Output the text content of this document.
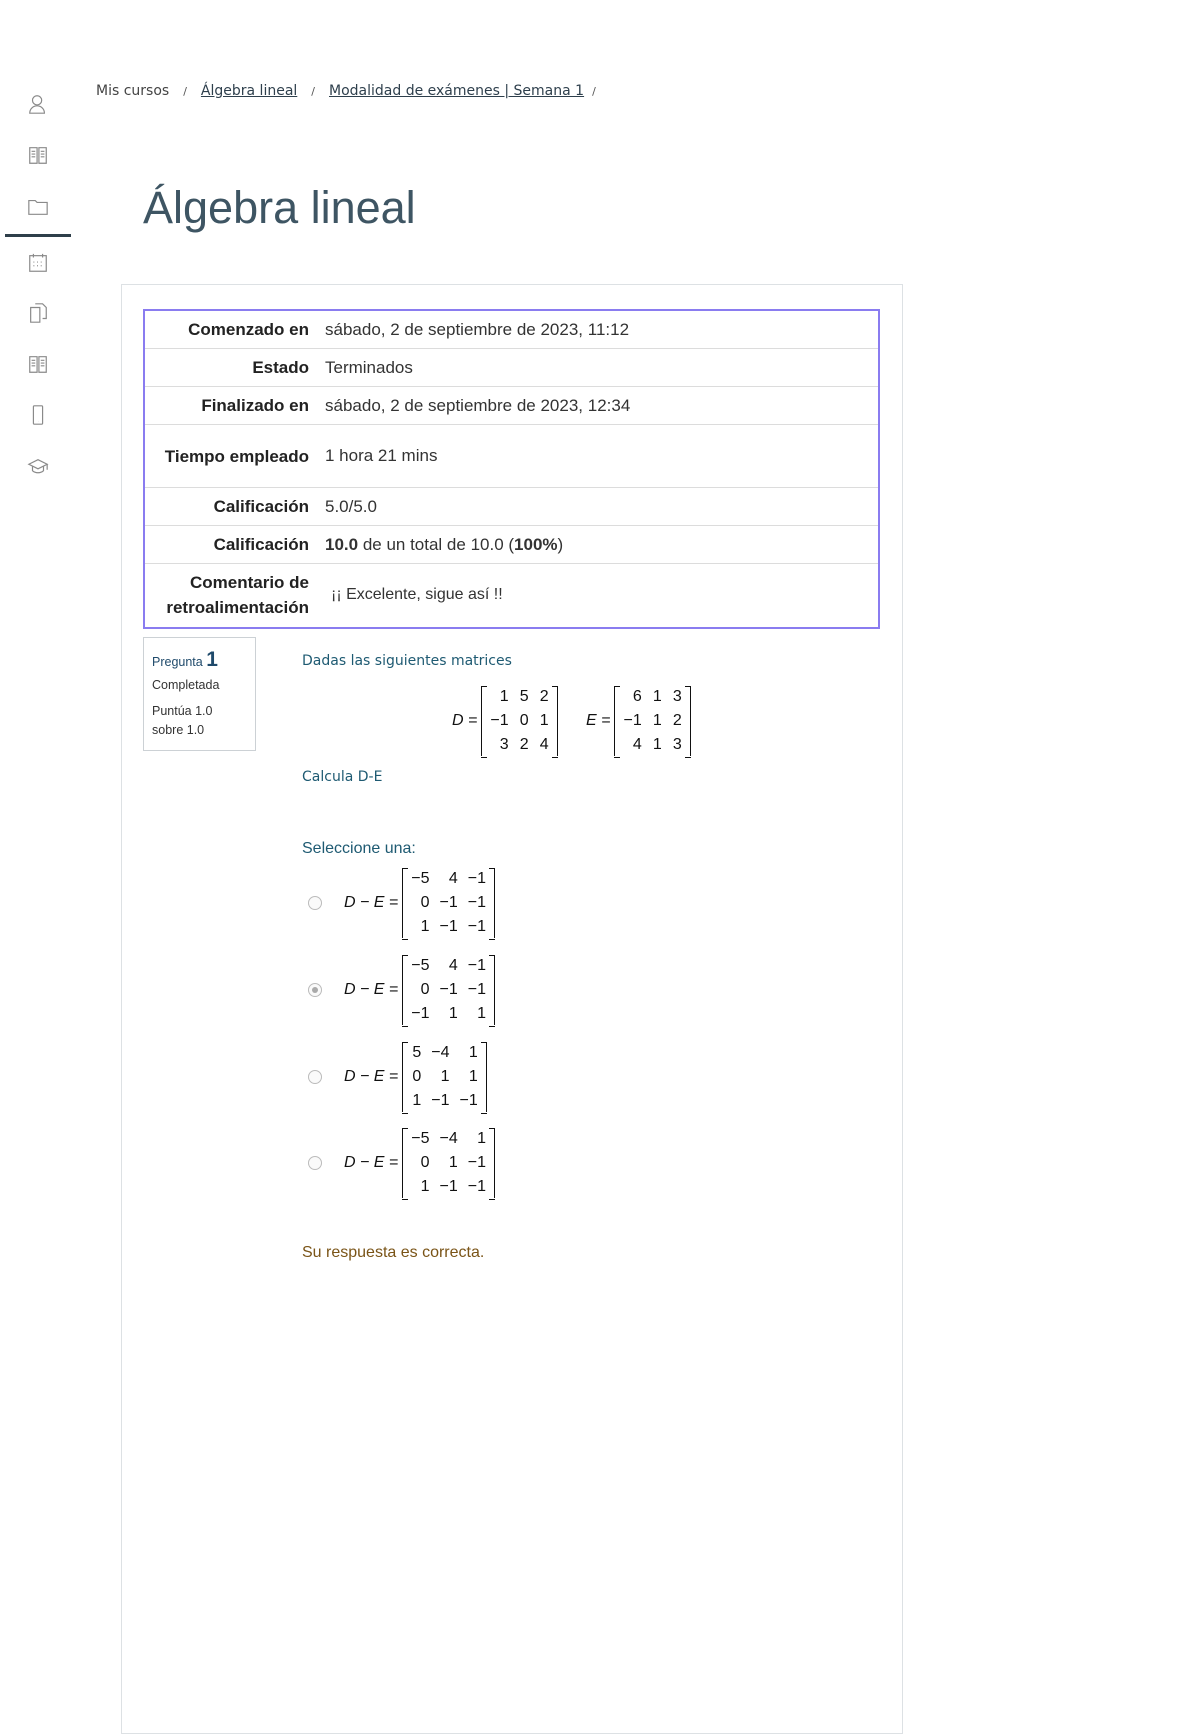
Mis cursos / Álgebra lineal / Modalidad de exámenes | Semana 1 /
Álgebra lineal
Comenzado en	sábado, 2 de septiembre de 2023, 11:12
Estado	Terminados
Finalizado en	sábado, 2 de septiembre de 2023, 12:34
Tiempo empleado	1 hora 21 mins
Calificación	5.0/5.0
Calificación	10.0 de un total de 10.0 (100%)
Comentario de retroalimentación	¡¡ Excelente, sigue así !!
Pregunta 1
Completada
Puntúa 1.0 sobre 1.0
Dadas las siguientes matrices
D =
1 5 2
−1 0 1
3 2 4
E =
6 1 3
−1 1 2
4 1 3
Calcula D-E
Seleccione una:
D − E =
−5	4 −1
0 −1 −1
1 −1 −1
D − E =
−5	4 −1
0 −1 −1
−1	1	1
D − E =
5 −4	1
0	1	1
1 −1 −1
D − E =
−5 −4	1
0	1 −1
1 −1 −1
Su respuesta es correcta.
